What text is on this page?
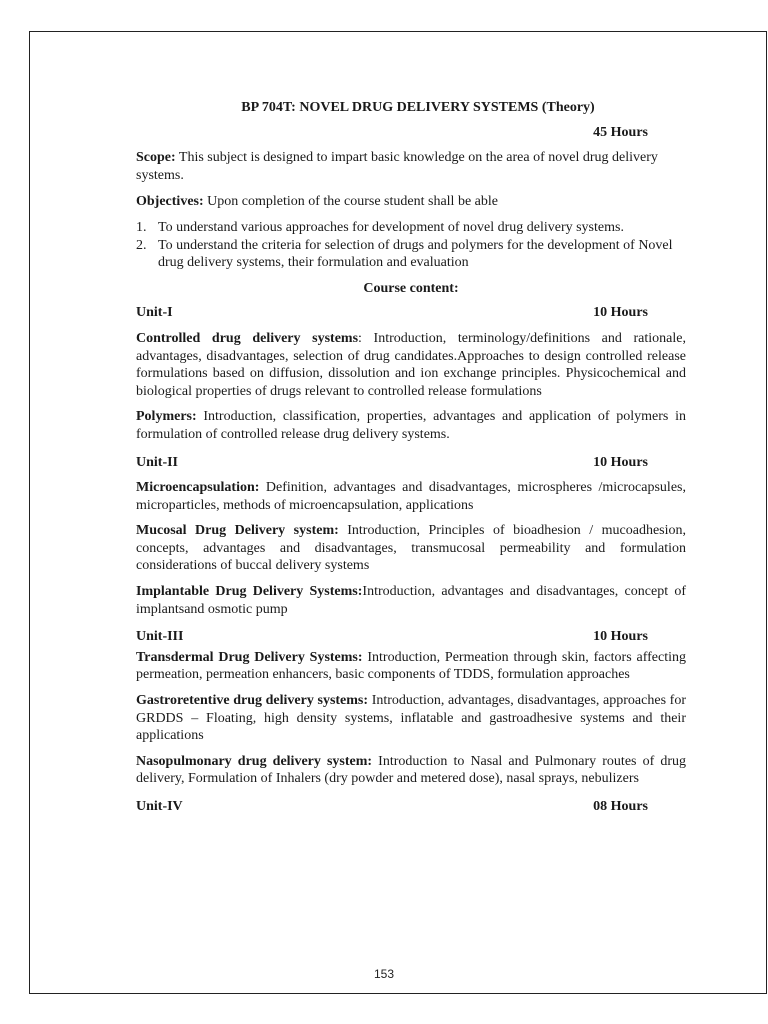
BP 704T: NOVEL DRUG DELIVERY SYSTEMS (Theory)

45 Hours

Scope: This subject is designed to impart basic knowledge on the area of novel drug delivery systems.

Objectives: Upon completion of the course student shall be able

1. To understand various approaches for development of novel drug delivery systems.
2. To understand the criteria for selection of drugs and polymers for the development of Novel drug delivery systems, their formulation and evaluation

Course content:

Unit-I	10 Hours

Controlled drug delivery systems: Introduction, terminology/definitions and rationale, advantages, disadvantages, selection of drug candidates.Approaches to design controlled release formulations based on diffusion, dissolution and ion exchange principles. Physicochemical and biological properties of drugs relevant to controlled release formulations

Polymers: Introduction, classification, properties, advantages and application of polymers in formulation of controlled release drug delivery systems.

Unit-II	10 Hours

Microencapsulation: Definition, advantages and disadvantages, microspheres /microcapsules, microparticles, methods of microencapsulation, applications

Mucosal Drug Delivery system: Introduction, Principles of bioadhesion / mucoadhesion, concepts, advantages and disadvantages, transmucosal permeability and formulation considerations of buccal delivery systems

Implantable Drug Delivery Systems:Introduction, advantages and disadvantages, concept of implantsand osmotic pump

Unit-III	10 Hours

Transdermal Drug Delivery Systems: Introduction, Permeation through skin, factors affecting permeation, permeation enhancers, basic components of TDDS, formulation approaches

Gastroretentive drug delivery systems: Introduction, advantages, disadvantages, approaches for GRDDS – Floating, high density systems, inflatable and gastroadhesive systems and their applications

Nasopulmonary drug delivery system: Introduction to Nasal and Pulmonary routes of drug delivery, Formulation of Inhalers (dry powder and metered dose), nasal sprays, nebulizers

Unit-IV	08 Hours
153
